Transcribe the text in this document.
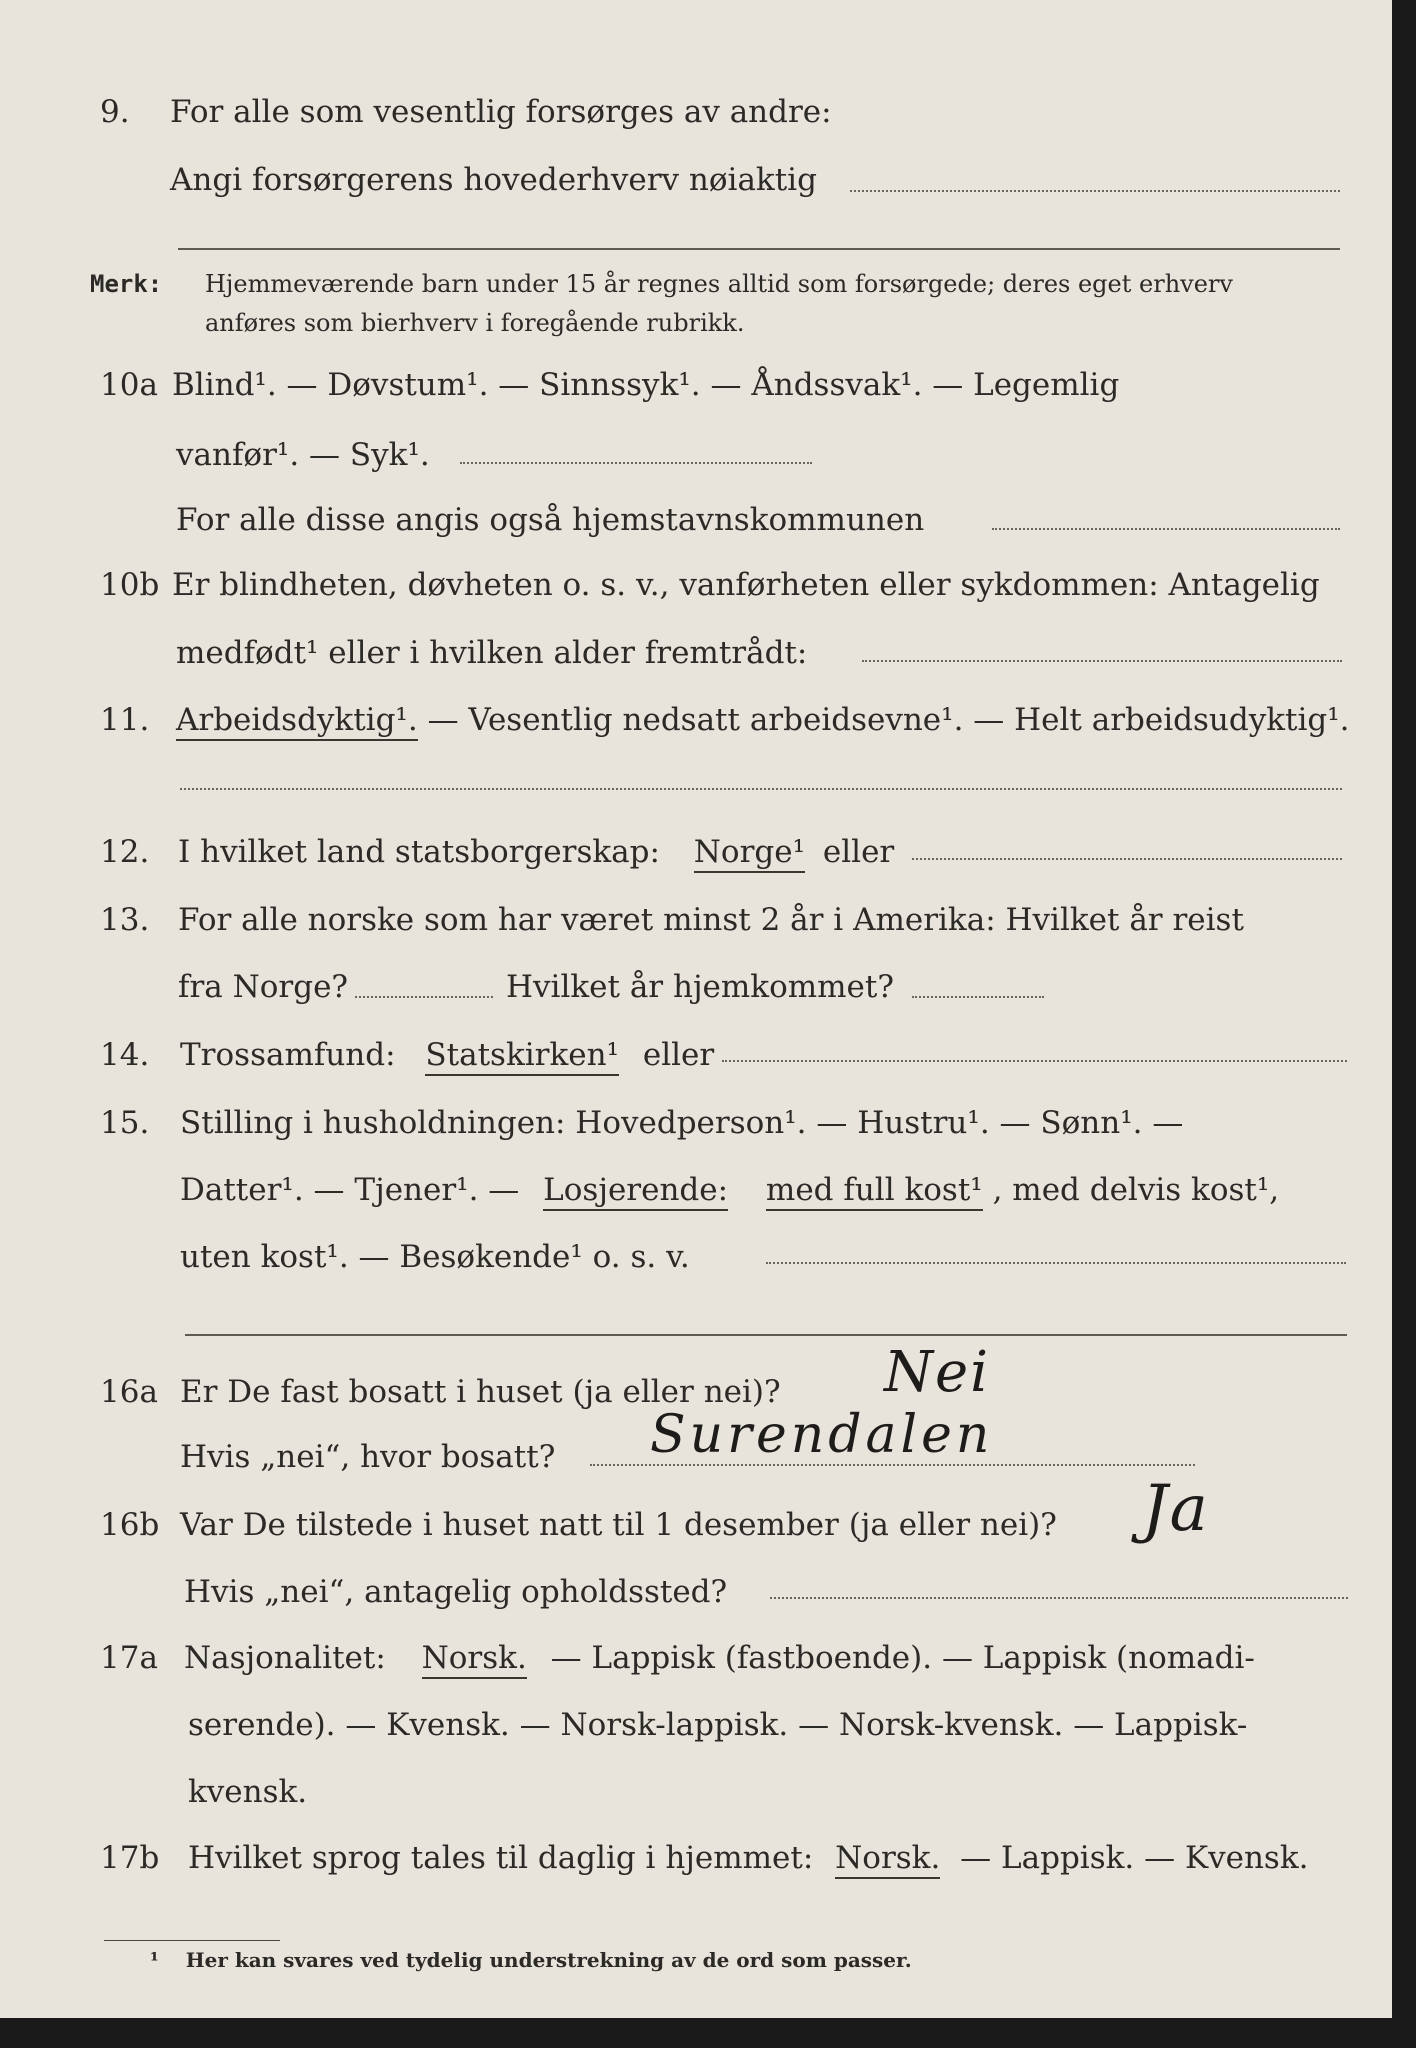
9. For alle som vesentlig forsørges av andre:
Angi forsørgerens hovederhverv nøiaktig
Merk: Hjemmeværende barn under 15 år regnes alltid som forsørgede; deres eget erhverv
anføres som bierhverv i foregående rubrikk.
10a Blind¹. — Døvstum¹. — Sinnssyk¹. — Åndssvak¹. — Legemlig
vanfør¹. — Syk¹.
For alle disse angis også hjemstavnskommunen
10b Er blindheten, døvheten o. s. v., vanførheten eller sykdommen: Antagelig
medfødt¹ eller i hvilken alder fremtrådt:
11. Arbeidsdyktig¹. — Vesentlig nedsatt arbeidsevne¹. — Helt arbeidsudyktig¹.
12. I hvilket land statsborgerskap: Norge¹ eller
13. For alle norske som har været minst 2 år i Amerika: Hvilket år reist
fra Norge?	Hvilket år hjemkommet?
14. Trossamfund: Statskirken¹ eller
15. Stilling i husholdningen: Hovedperson¹. — Hustru¹. — Sønn¹. —
Datter¹. — Tjener¹. — Losjerende: med full kost¹ , med delvis kost¹,
uten kost¹. — Besøkende¹ o. s. v.
16a Er De fast bosatt i huset (ja eller nei)? Nei
Hvis „nei“, hvor bosatt? Surendalen
16b Var De tilstede i huset natt til 1 desember (ja eller nei)? Ja
Hvis „nei“, antagelig opholdssted?
17a Nasjonalitet: Norsk. — Lappisk (fastboende). — Lappisk (nomadi-
serende). — Kvensk. — Norsk-lappisk. — Norsk-kvensk. — Lappisk-
kvensk.
17b Hvilket sprog tales til daglig i hjemmet: Norsk. — Lappisk. — Kvensk.
¹ Her kan svares ved tydelig understrekning av de ord som passer.
